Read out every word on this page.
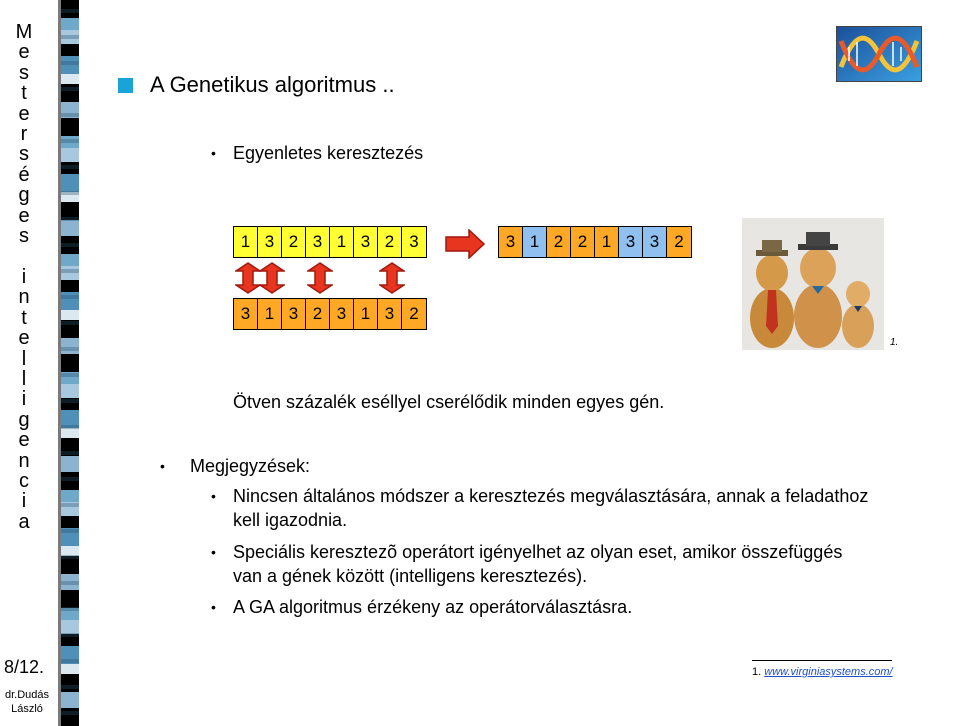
M
e
s
t
e
r
s
é
g
e
s

i
n
t
e
l
l
i
g
e
n
c
i
a
8/12.
dr.Dudás László
A Genetikus algoritmus ..
• Egyenletes keresztezés
1 3 2 3 1 3 2 3	3 1 2 2 1 3 3 2
3 1 3 2 3 1 3 2
Ötven százalék eséllyel cserélődik minden egyes gén.
• Megjegyzések:
• Nincsen általános módszer a keresztezés megválasztására, annak a feladathoz kell igazodnia.
• Speciális keresztezõ operátort igényelhet az olyan eset, amikor összefüggés van a gének között (intelligens keresztezés).
• A GA algoritmus érzékeny az operátorválasztásra.
1.
1. www.virginiasystems.com/
